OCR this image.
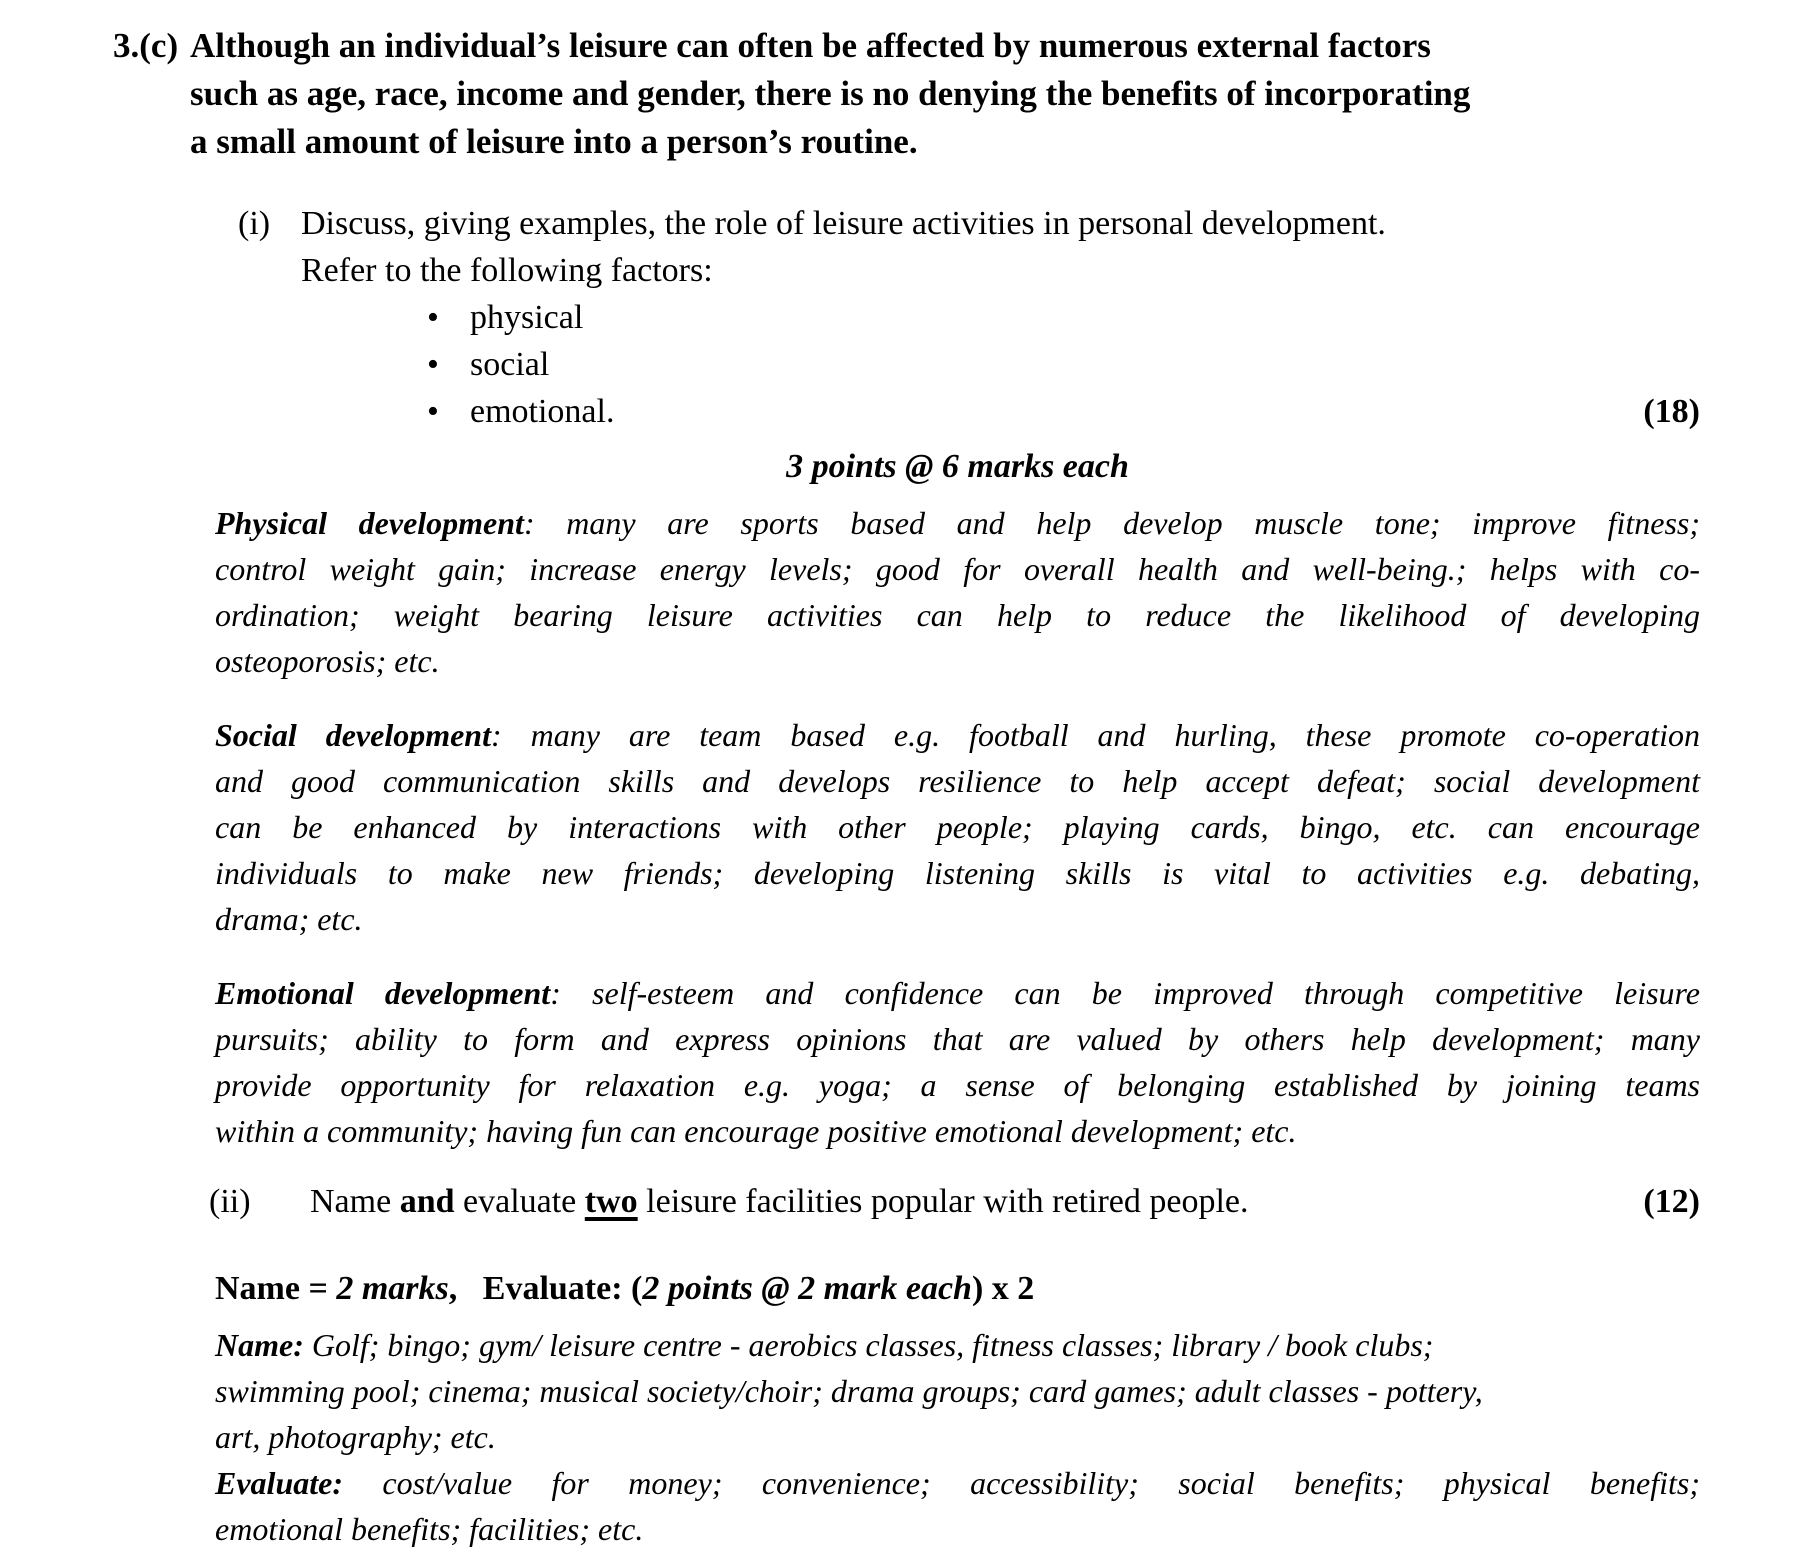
3.(c) Although an individual’s leisure can often be affected by numerous external factors
such as age, race, income and gender, there is no denying the benefits of incorporating
a small amount of leisure into a person’s routine.
(i) Discuss, giving examples, the role of leisure activities in personal development.
Refer to the following factors:
• physical
• social
• emotional.	(18)
3 points @ 6 marks each
Physical development: many are sports based and help develop muscle tone; improve fitness;
control weight gain; increase energy levels; good for overall health and well-being.; helps with co-
ordination; weight bearing leisure activities can help to reduce the likelihood of developing
osteoporosis; etc.
Social development: many are team based e.g. football and hurling, these promote co-operation
and good communication skills and develops resilience to help accept defeat; social development
can be enhanced by interactions with other people; playing cards, bingo, etc. can encourage
individuals to make new friends; developing listening skills is vital to activities e.g. debating,
drama; etc.
Emotional development: self-esteem and confidence can be improved through competitive leisure
pursuits; ability to form and express opinions that are valued by others help development; many
provide opportunity for relaxation e.g. yoga; a sense of belonging established by joining teams
within a community; having fun can encourage positive emotional development; etc.
(ii)	Name and evaluate two leisure facilities popular with retired people.	(12)
Name = 2 marks,   Evaluate: (2 points @ 2 mark each) x 2
Name: Golf; bingo; gym/ leisure centre - aerobics classes, fitness classes; library / book clubs;
swimming pool; cinema; musical society/choir; drama groups; card games; adult classes - pottery,
art, photography; etc.
Evaluate: cost/value for money; convenience; accessibility; social benefits; physical benefits;
emotional benefits; facilities; etc.
